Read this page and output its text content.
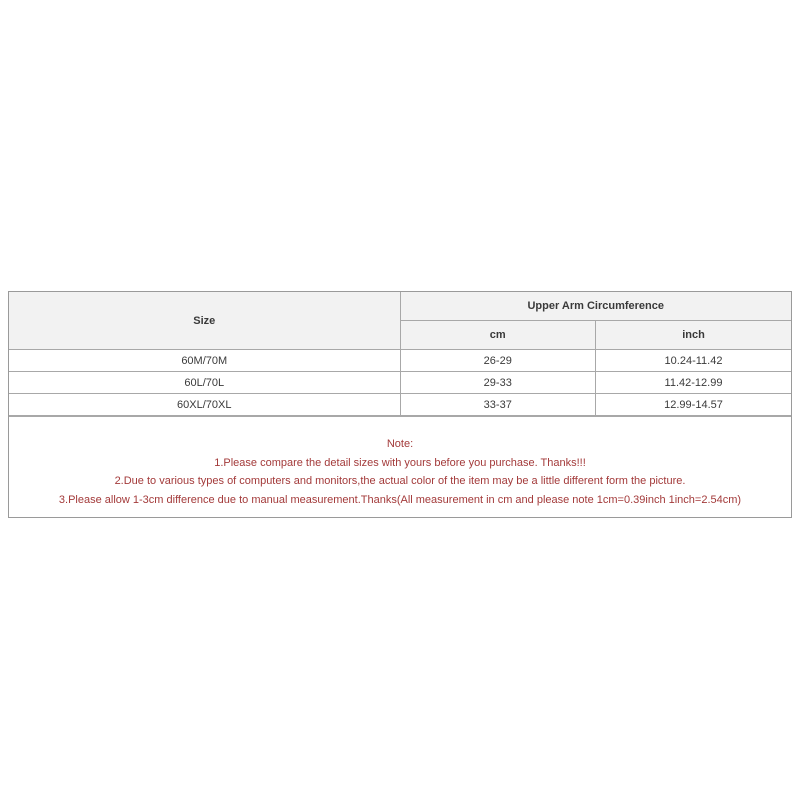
Size	Upper Arm Circumference	
	cm	inch
60M/70M	26-29	10.24-11.42
60L/70L	29-33	11.42-12.99
60XL/70XL	33-37	12.99-14.57
Note:
1.Please compare the detail sizes with yours before you purchase. Thanks!!!
2.Due to various types of computers and monitors,the actual color of the item may be a little different form the picture.
3.Please allow 1-3cm difference due to manual measurement.Thanks(All measurement in cm and please note 1cm=0.39inch 1inch=2.54cm)
